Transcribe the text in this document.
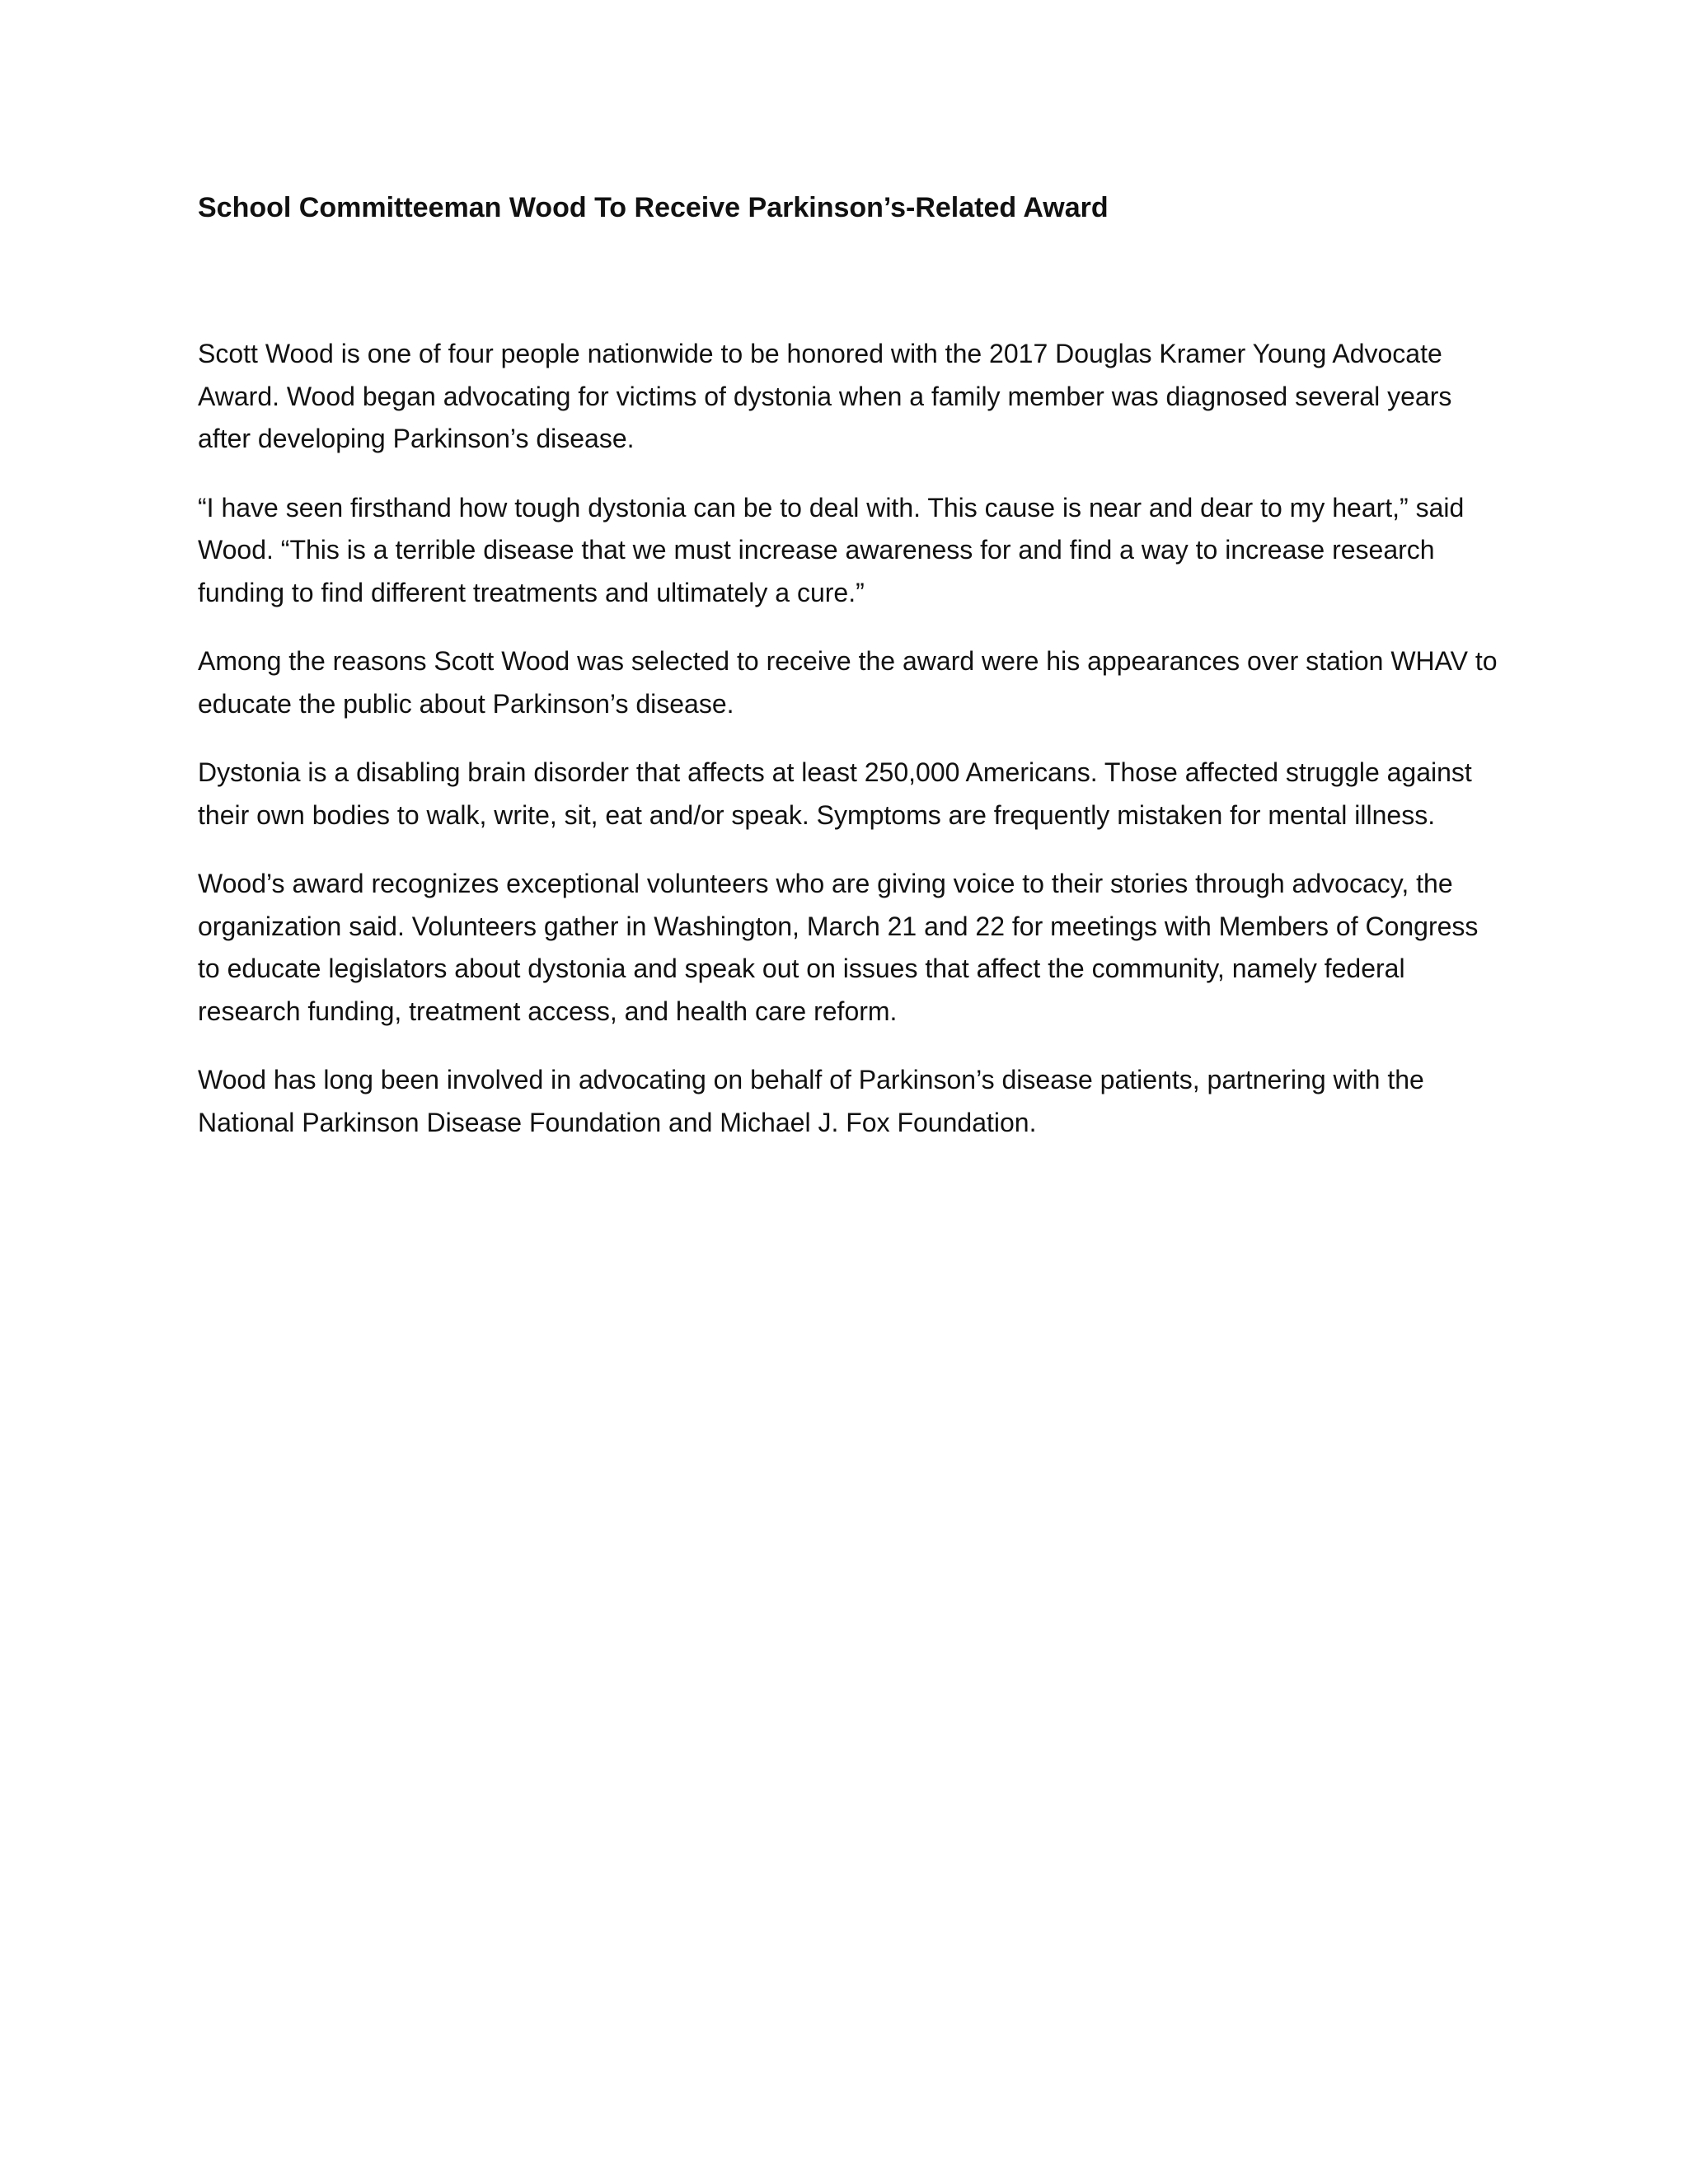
School Committeeman Wood To Receive Parkinson’s-Related Award

Scott Wood is one of four people nationwide to be honored with the 2017 Douglas Kramer Young Advocate Award. Wood began advocating for victims of dystonia when a family member was diagnosed several years after developing Parkinson’s disease.

“I have seen firsthand how tough dystonia can be to deal with. This cause is near and dear to my heart,” said Wood. “This is a terrible disease that we must increase awareness for and find a way to increase research funding to find different treatments and ultimately a cure.”

Among the reasons Scott Wood was selected to receive the award were his appearances over station WHAV to educate the public about Parkinson’s disease.

Dystonia is a disabling brain disorder that affects at least 250,000 Americans. Those affected struggle against their own bodies to walk, write, sit, eat and/or speak. Symptoms are frequently mistaken for mental illness.

Wood’s award recognizes exceptional volunteers who are giving voice to their stories through advocacy, the organization said. Volunteers gather in Washington, March 21 and 22 for meetings with Members of Congress to educate legislators about dystonia and speak out on issues that affect the community, namely federal research funding, treatment access, and health care reform.

Wood has long been involved in advocating on behalf of Parkinson’s disease patients, partnering with the National Parkinson Disease Foundation and Michael J. Fox Foundation.
